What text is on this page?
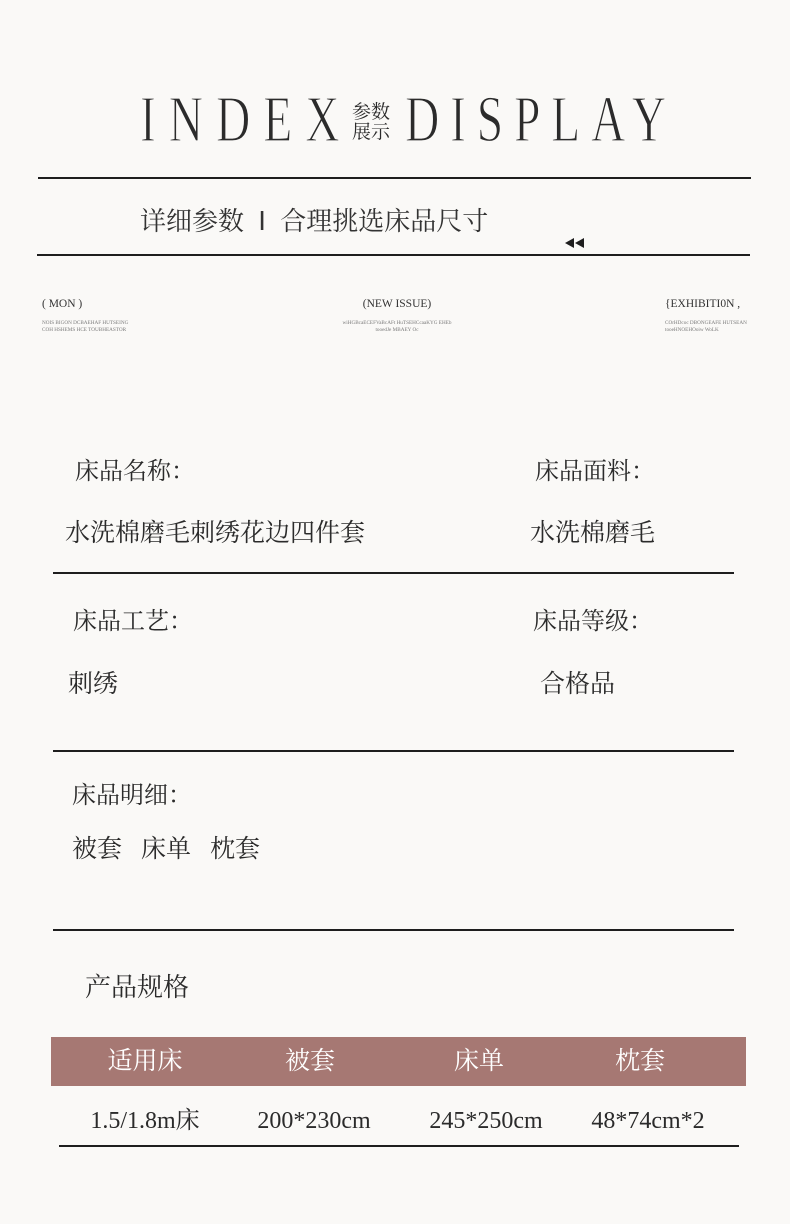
INDEX DISPLAY
参数
展示
详细参数 I 合理挑选床品尺寸
( MON )
NOIS BIGON DCBAEHAF HUTSEING
COH HSHEMS HCE TOUBHEASTOR
(NEW ISSUE)
wiHGBcaECEFVaBcAFt HuTSEHCcaaKYG EHEb
tooedJe MBAEY Oc
{EXHIBITI0N ,
COrHDcoc DBONGEAFE HUTSEAN
tooeHNOEHOoiw WoLK
床品名称：	床品面料：
水洗棉磨毛刺绣花边四件套	水洗棉磨毛
床品工艺：	床品等级：
刺绣	合格品
床品明细：
被套 床单 枕套
产品规格
适用床	被套	床单	枕套
1.5/1.8m床	200*230cm	245*250cm	48*74cm*2
